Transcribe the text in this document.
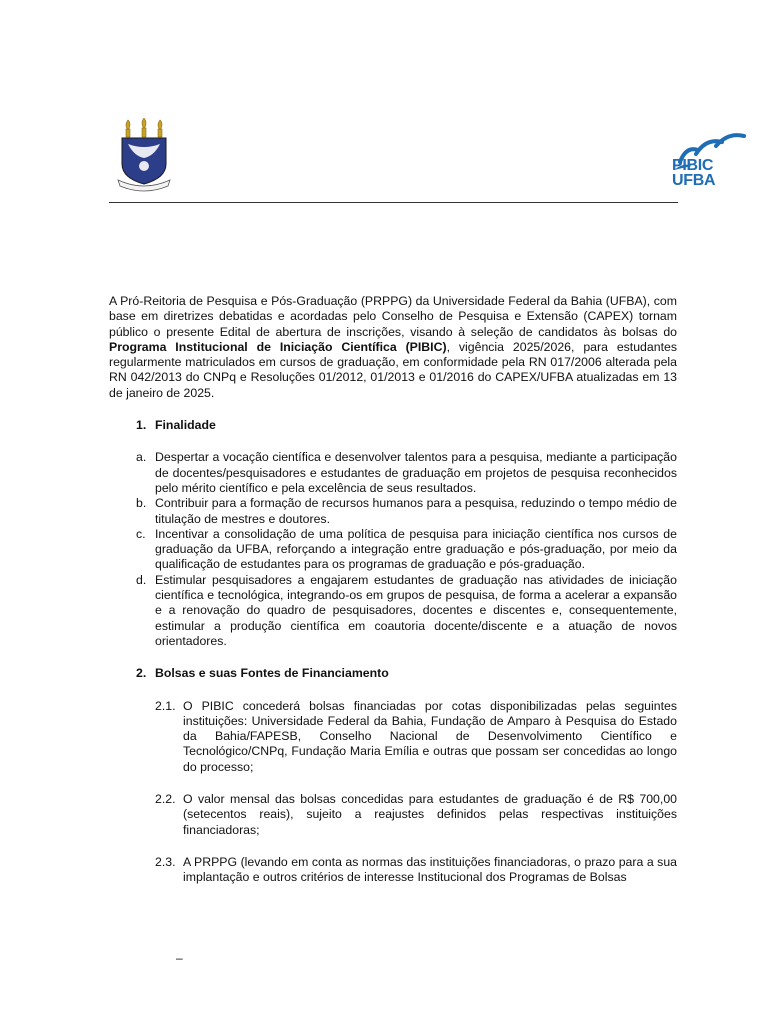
PIBIC
UFBA

A Pró-Reitoria de Pesquisa e Pós-Graduação (PRPPG) da Universidade Federal da Bahia (UFBA), com base em diretrizes debatidas e acordadas pelo Conselho de Pesquisa e Extensão (CAPEX) tornam público o presente Edital de abertura de inscrições, visando à seleção de candidatos às bolsas do Programa Institucional de Iniciação Científica (PIBIC), vigência 2025/2026, para estudantes regularmente matriculados em cursos de graduação, em conformidade pela RN 017/2006 alterada pela RN 042/2013 do CNPq e Resoluções 01/2012, 01/2013 e 01/2016 do CAPEX/UFBA atualizadas em 13 de janeiro de 2025.

1. Finalidade
a. Despertar a vocação científica e desenvolver talentos para a pesquisa, mediante a participação de docentes/pesquisadores e estudantes de graduação em projetos de pesquisa reconhecidos pelo mérito científico e pela excelência de seus resultados.
b. Contribuir para a formação de recursos humanos para a pesquisa, reduzindo o tempo médio de titulação de mestres e doutores.
c. Incentivar a consolidação de uma política de pesquisa para iniciação científica nos cursos de graduação da UFBA, reforçando a integração entre graduação e pós-graduação, por meio da qualificação de estudantes para os programas de graduação e pós-graduação.
d. Estimular pesquisadores a engajarem estudantes de graduação nas atividades de iniciação científica e tecnológica, integrando-os em grupos de pesquisa, de forma a acelerar a expansão e a renovação do quadro de pesquisadores, docentes e discentes e, consequentemente, estimular a produção científica em coautoria docente/discente e a atuação de novos orientadores.
2. Bolsas e suas Fontes de Financiamento
2.1. O PIBIC concederá bolsas financiadas por cotas disponibilizadas pelas seguintes instituições: Universidade Federal da Bahia, Fundação de Amparo à Pesquisa do Estado da Bahia/FAPESB, Conselho Nacional de Desenvolvimento Científico e Tecnológico/CNPq, Fundação Maria Emília e outras que possam ser concedidas ao longo do processo;
2.2. O valor mensal das bolsas concedidas para estudantes de graduação é de R$ 700,00 (setecentos reais), sujeito a reajustes definidos pelas respectivas instituições financiadoras;
2.3. A PRPPG (levando em conta as normas das instituições financiadoras, o prazo para a sua implantação e outros critérios de interesse Institucional dos Programas de Bolsas
–
